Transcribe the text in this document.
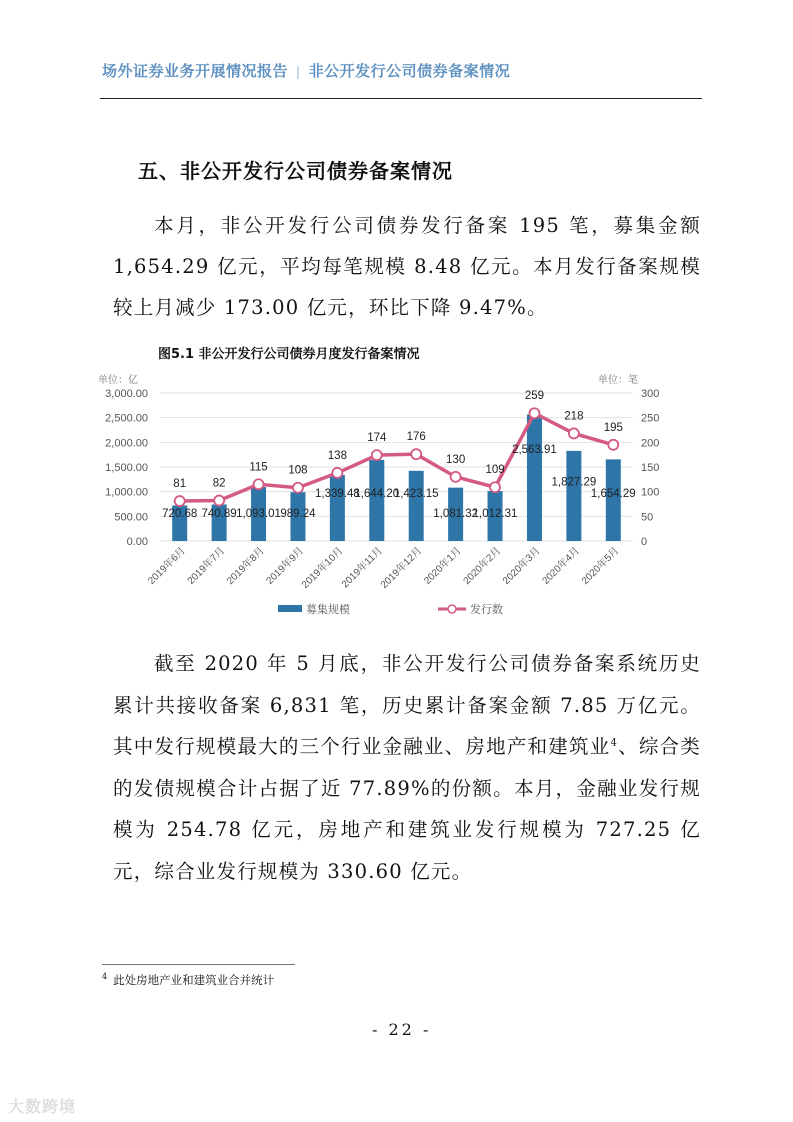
场外证券业务开展情况报告 | 非公开发行公司债券备案情况
五、非公开发行公司债券备案情况
本月，非公开发行公司债券发行备案 195 笔，募集金额 1,654.29 亿元，平均每笔规模 8.48 亿元。本月发行备案规模较上月减少 173.00 亿元，环比下降 9.47%。
图5.1 非公开发行公司债券月度发行备案情况
0.00
500.00
1,000.00
1,500.00
2,000.00
2,500.00
3,000.00
0
50
100
150
200
250
300
单位：亿	单位：笔
81 82
115 108
138
174 176
130
109
259
218
195
720.68 740.89 1,093.01 989.24
1,339.48
1,644.20
1,423.15
1,081.32
1,012.31
2,563.91
1,827.29
1,654.29
2019年6月
2019年7月
2019年8月
2019年9月
2019年10月
2019年11月
2019年12月
2020年1月
2020年2月
2020年3月
2020年4月
2020年5月
募集规模	发行数
截至 2020 年 5 月底，非公开发行公司债券备案系统历史累计共接收备案 6,831 笔，历史累计备案金额 7.85 万亿元。其中发行规模最大的三个行业金融业、房地产和建筑业$^4$、综合类的发债规模合计占据了近 77.89%的份额。本月，金融业发行规模为 254.78 亿元，房地产和建筑业发行规模为 727.25 亿元，综合业发行规模为 330.60 亿元。
$^4$ 此处房地产业和建筑业合并统计
- 22 -
大数跨境
